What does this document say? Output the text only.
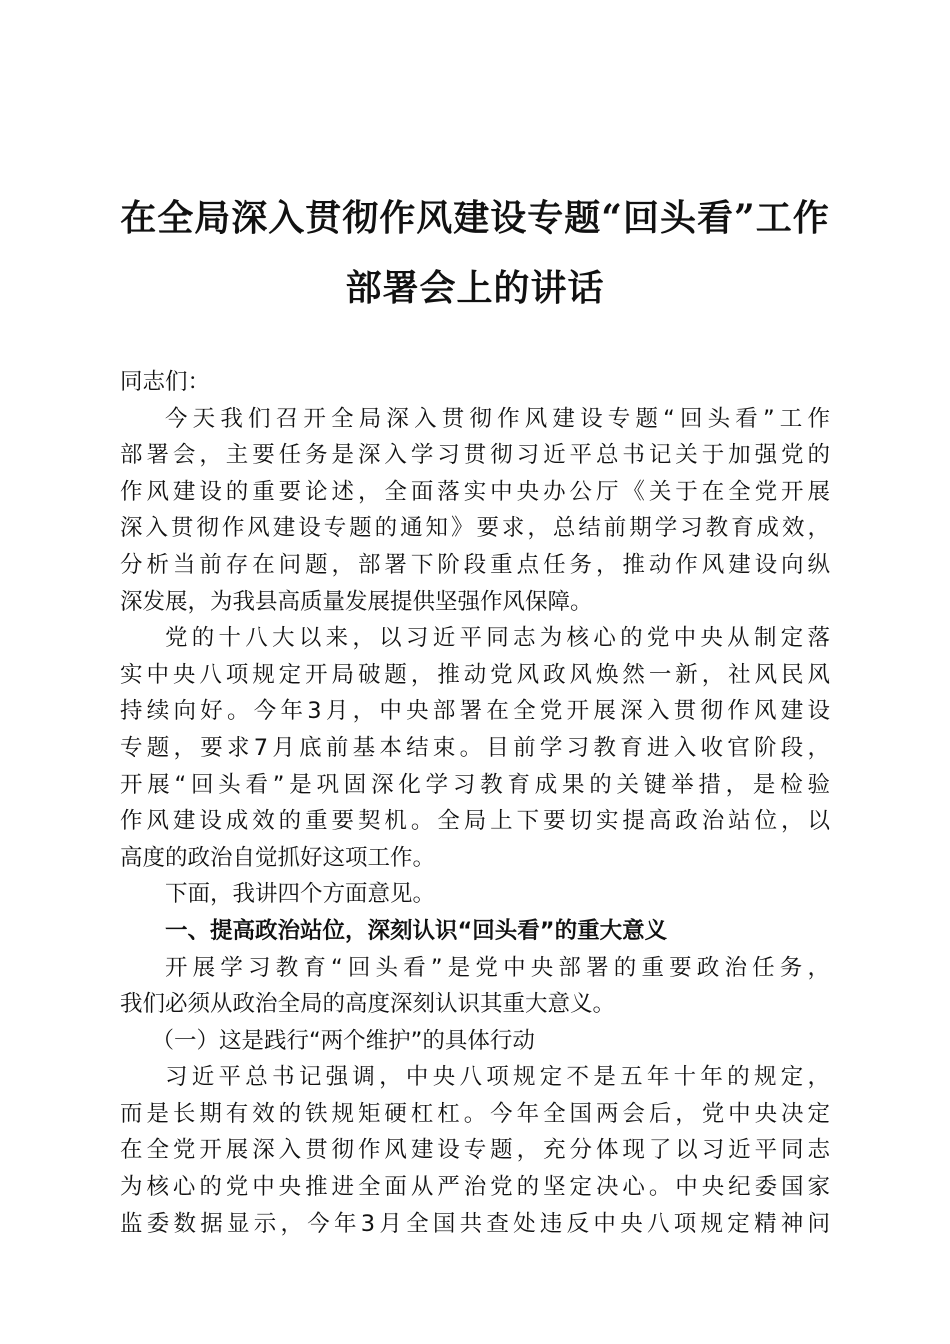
在全局深入贯彻作风建设专题“回头看”工作
部署会上的讲话

同志们：

今天我们召开全局深入贯彻作风建设专题“回头看”工作
部署会，主要任务是深入学习贯彻习近平总书记关于加强党的
作风建设的重要论述，全面落实中央办公厅《关于在全党开展
深入贯彻作风建设专题的通知》要求，总结前期学习教育成效，
分析当前存在问题，部署下阶段重点任务，推动作风建设向纵
深发展，为我县高质量发展提供坚强作风保障。

党的十八大以来，以习近平同志为核心的党中央从制定落
实中央八项规定开局破题，推动党风政风焕然一新，社风民风
持续向好。今年3月，中央部署在全党开展深入贯彻作风建设
专题，要求7月底前基本结束。目前学习教育进入收官阶段，
开展“回头看”是巩固深化学习教育成果的关键举措，是检验
作风建设成效的重要契机。全局上下要切实提高政治站位，以
高度的政治自觉抓好这项工作。

下面，我讲四个方面意见。

一、提高政治站位，深刻认识“回头看”的重大意义

开展学习教育“回头看”是党中央部署的重要政治任务，
我们必须从政治全局的高度深刻认识其重大意义。

（一）这是践行“两个维护”的具体行动

习近平总书记强调，中央八项规定不是五年十年的规定，
而是长期有效的铁规矩硬杠杠。今年全国两会后，党中央决定
在全党开展深入贯彻作风建设专题，充分体现了以习近平同志
为核心的党中央推进全面从严治党的坚定决心。中央纪委国家
监委数据显示，今年3月全国共查处违反中央八项规定精神问
